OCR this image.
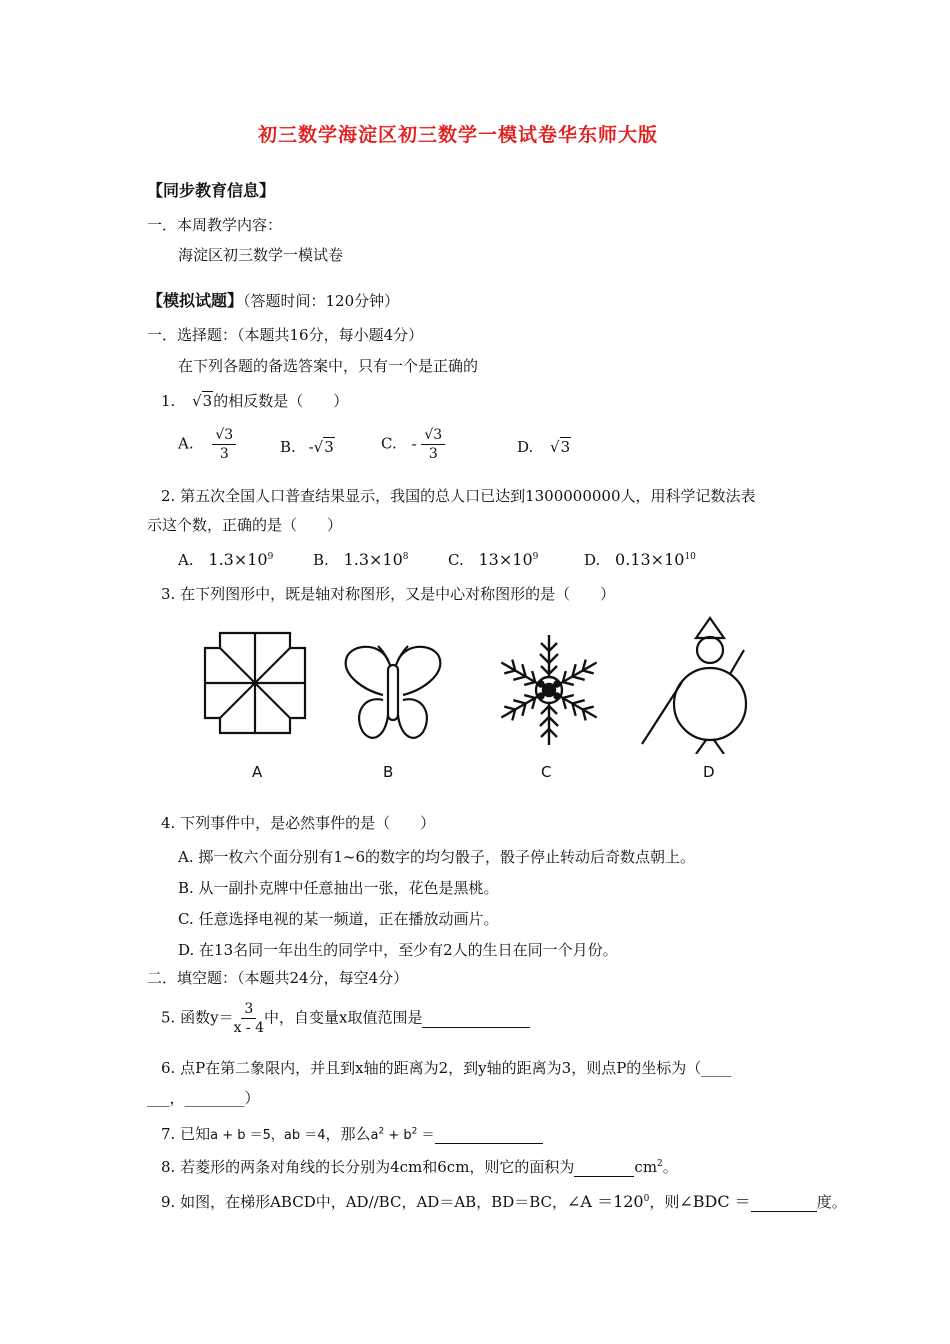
初三数学海淀区初三数学一模试卷华东师大版
【同步教育信息】
一．本周教学内容：
海淀区初三数学一模试卷
【模拟试题】（答题时间：120分钟）
一．选择题：（本题共16分，每小题4分）
在下列各题的备选答案中，只有一个是正确的
1. √3的相反数是（　　）
A. $\frac{√3}{3}$	B. -√3	C. - $\frac{√3}{3}$	D. √3
2. 第五次全国人口普查结果显示，我国的总人口已达到1300000000人，用科学记数法表
示这个数，正确的是（　　）
A. $1.3\times 10^9$	B. $1.3\times 10^8$	C. $13\times 10^9$	D. $0.13\times 10^{10}$
3. 在下列图形中，既是轴对称图形，又是中心对称图形的是（　　）
A	B	C	D
4. 下列事件中，是必然事件的是（　　）
A. 掷一枚六个面分别有1~6的数字的均匀骰子，骰子停止转动后奇数点朝上。
B. 从一副扑克牌中任意抽出一张，花色是黑桃。
C. 任意选择电视的某一频道，正在播放动画片。
D. 在13名同一年出生的同学中，至少有2人的生日在同一个月份。
二．填空题：（本题共24分，每空4分）
5. 函数$y= \frac{3}{x - 4}$ 中，自变量x取值范围是
6. 点P在第二象限内，并且到x轴的距离为2，到y轴的距离为3，则点P的坐标为（____
___，________）
7. 已知a + b ＝5，ab ＝4，那么$a^2 + b^2$ ＝
8. 若菱形的两条对角线的长分别为4cm和6cm，则它的面积为	$cm^2$。
9. 如图，在梯形ABCD中，AD//BC，AD＝AB，BD＝BC，∠A $=120^0$，则∠BDC ＝	度。
